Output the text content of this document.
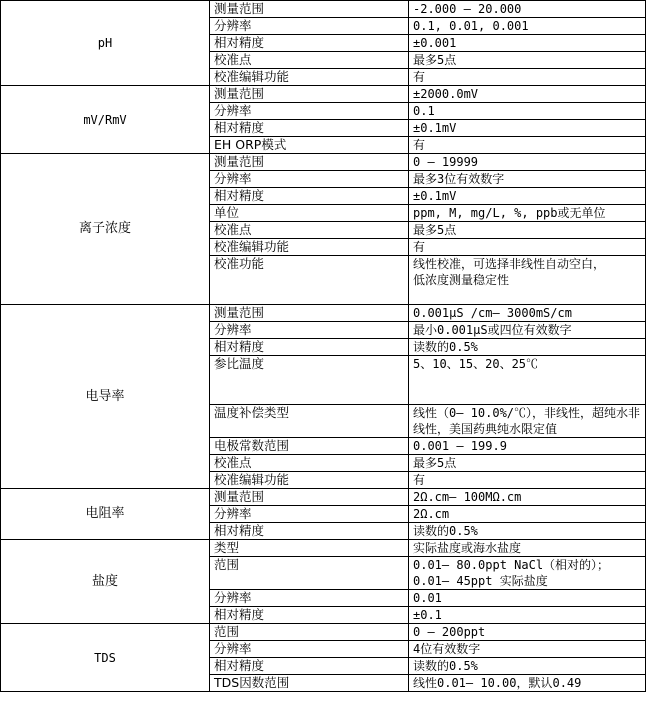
pH	测量范围	-2.000 – 20.000
	分辨率	0.1, 0.01, 0.001
	相对精度	±0.001
	校准点	最多5点
	校准编辑功能	有
mV/RmV	测量范围	±2000.0mV
	分辨率	0.1
	相对精度	±0.1mV
	EH ORP模式	有
离子浓度	测量范围	0 – 19999
	分辨率	最多3位有效数字
	相对精度	±0.1mV
	单位	ppm, M, mg/L, %, ppb或无单位
	校准点	最多5点
	校准编辑功能	有
	校准功能	线性校准，可选择非线性自动空白，
低浓度测量稳定性
电导率	测量范围	0.001μS /cm– 3000mS/cm
	分辨率	最小0.001μS或四位有效数字
	相对精度	读数的0.5%
	参比温度	5、10、15、20、25℃
	温度补偿类型	线性（0– 10.0%/℃），非线性，超纯水非线性，美国药典纯水限定值
	电极常数范围	0.001 – 199.9
	校准点	最多5点
	校准编辑功能	有
电阻率	测量范围	2Ω.cm– 100MΩ.cm
	分辨率	2Ω.cm
	相对精度	读数的0.5%
盐度	类型	实际盐度或海水盐度
	范围	0.01– 80.0ppt NaCl（相对的）；
0.01– 45ppt 实际盐度
	分辨率	0.01
	相对精度	±0.1
TDS	范围	0 – 200ppt
	分辨率	4位有效数字
	相对精度	读数的0.5%
	TDS因数范围	线性0.01– 10.00，默认0.49
